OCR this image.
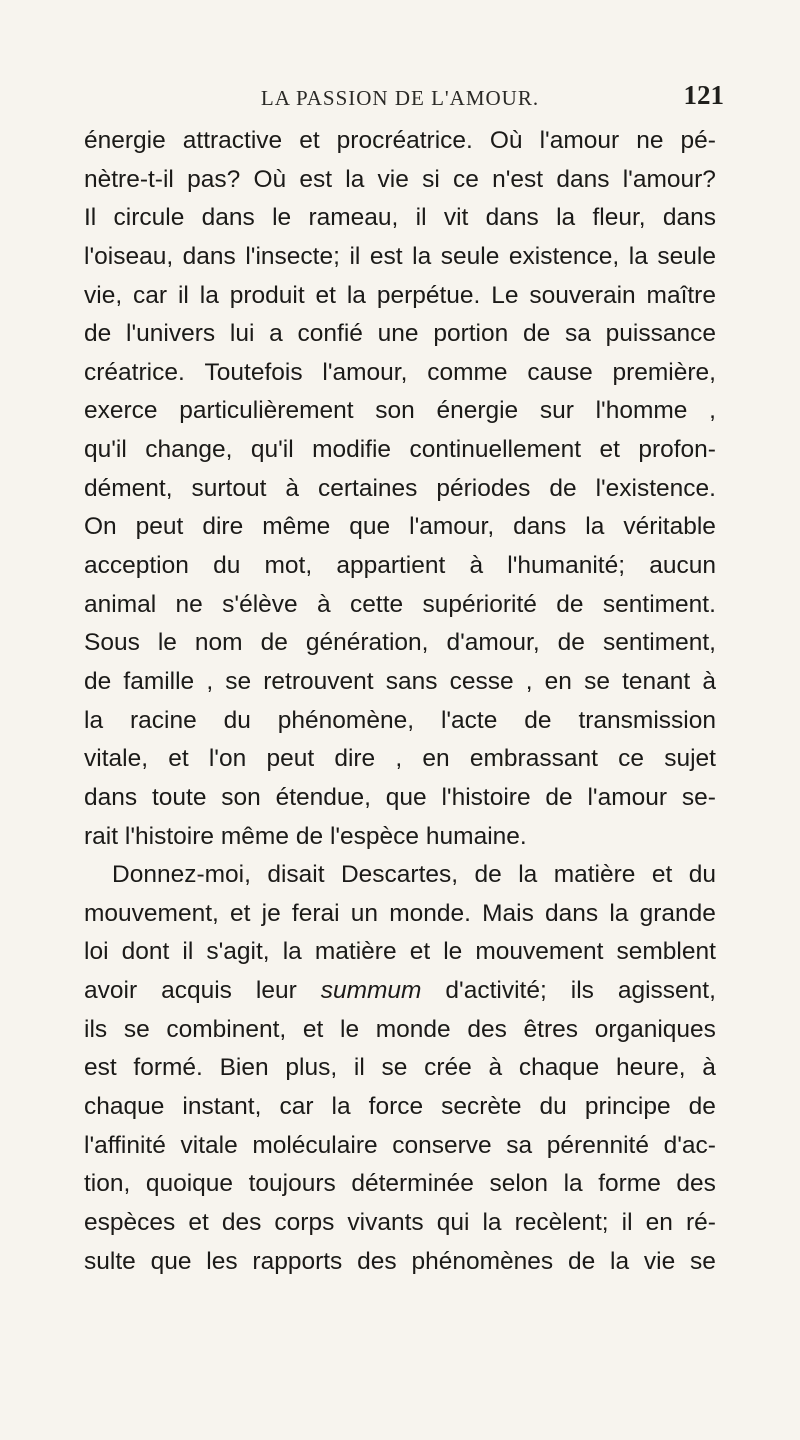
LA PASSION DE L'AMOUR.	121
énergie attractive et procréatrice. Où l'amour ne pé-
nètre-t-il pas? Où est la vie si ce n'est dans l'amour?
Il circule dans le rameau, il vit dans la fleur, dans
l'oiseau, dans l'insecte; il est la seule existence, la seule
vie, car il la produit et la perpétue. Le souverain maître
de l'univers lui a confié une portion de sa puissance
créatrice. Toutefois l'amour, comme cause première,
exerce particulièrement son énergie sur l'homme ,
qu'il change, qu'il modifie continuellement et profon-
dément, surtout à certaines périodes de l'existence.
On peut dire même que l'amour, dans la véritable
acception du mot, appartient à l'humanité; aucun
animal ne s'élève à cette supériorité de sentiment.
Sous le nom de génération, d'amour, de sentiment,
de famille , se retrouvent sans cesse , en se tenant à
la racine du phénomène, l'acte de transmission
vitale, et l'on peut dire , en embrassant ce sujet
dans toute son étendue, que l'histoire de l'amour se-
rait l'histoire même de l'espèce humaine.
Donnez-moi, disait Descartes, de la matière et du
mouvement, et je ferai un monde. Mais dans la grande
loi dont il s'agit, la matière et le mouvement semblent
avoir acquis leur summum d'activité; ils agissent,
ils se combinent, et le monde des êtres organiques
est formé. Bien plus, il se crée à chaque heure, à
chaque instant, car la force secrète du principe de
l'affinité vitale moléculaire conserve sa pérennité d'ac-
tion, quoique toujours déterminée selon la forme des
espèces et des corps vivants qui la recèlent; il en ré-
sulte que les rapports des phénomènes de la vie se
